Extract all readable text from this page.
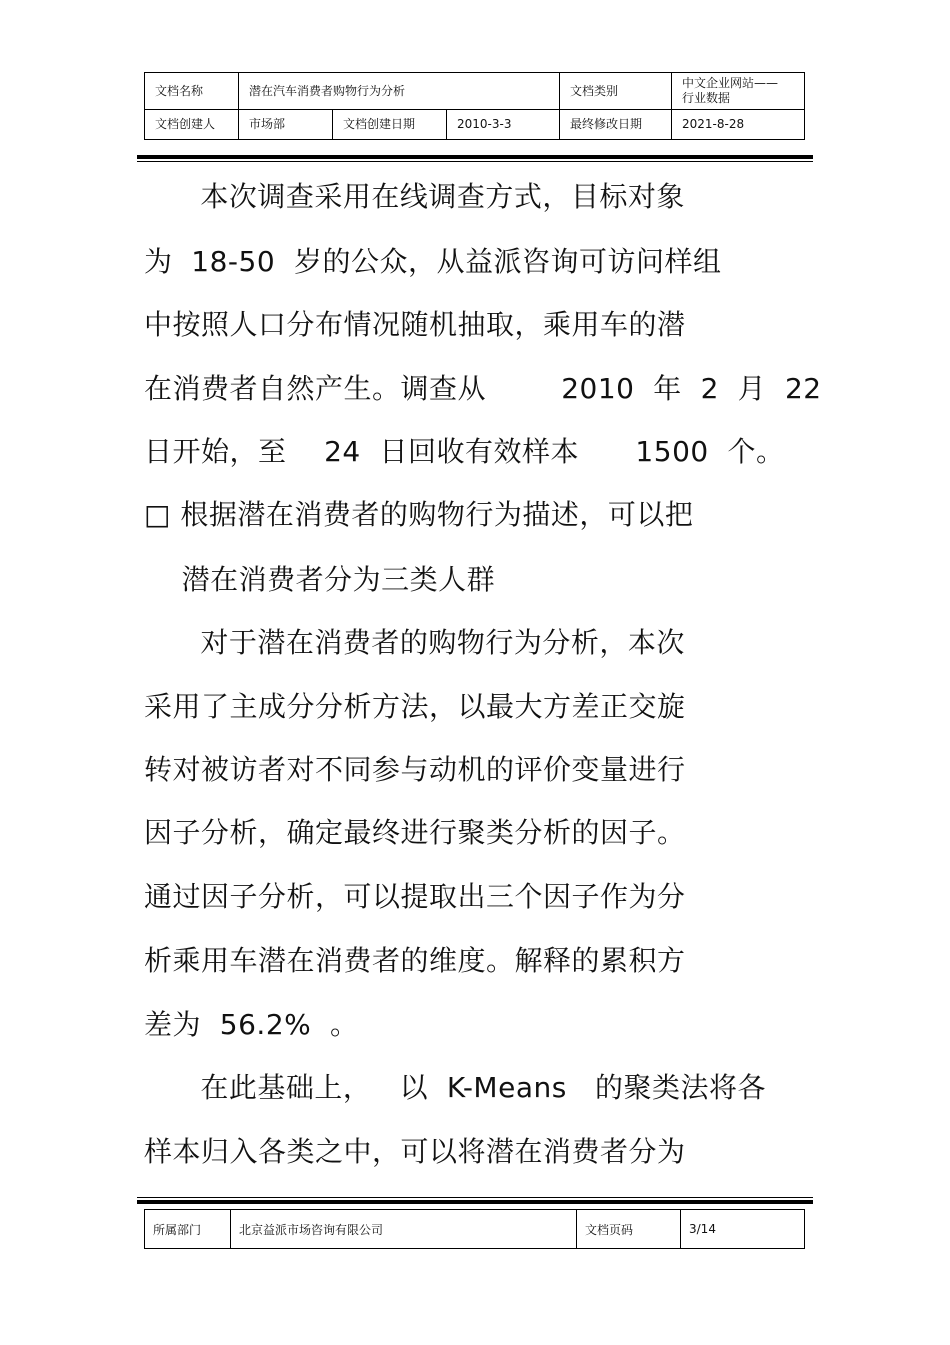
文档名称	潜在汽车消费者购物行为分析			文档类别	中文企业网站——
行业数据

文档创建人	市场部	文档创建日期	2010-3-3	最终修改日期	2021-8-28
本次调查采用在线调查方式，目标对象
为  18-50  岁的公众，从益派咨询可访问样组
中按照人口分布情况随机抽取，乘用车的潜
在消费者自然产生。调查从        2010  年  2  月  22
日开始，至    24  日回收有效样本      1500  个。
□ 根据潜在消费者的购物行为描述，可以把
潜在消费者分为三类人群
对于潜在消费者的购物行为分析，本次
采用了主成分分析方法，以最大方差正交旋
转对被访者对不同参与动机的评价变量进行
因子分析，确定最终进行聚类分析的因子。
通过因子分析，可以提取出三个因子作为分
析乘用车潜在消费者的维度。解释的累积方
差为  56.2%  。
在此基础上，   以  K-Means   的聚类法将各
样本归入各类之中，可以将潜在消费者分为
所属部门	北京益派市场咨询有限公司	文档页码	3/14
